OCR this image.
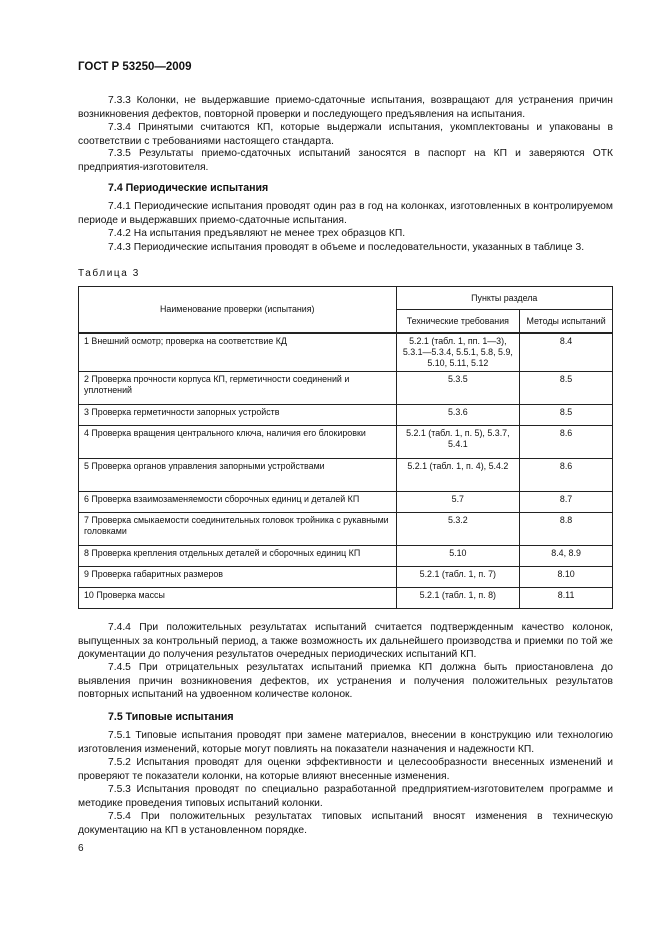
ГОСТ Р 53250—2009
7.3.3 Колонки, не выдержавшие приемо-сдаточные испытания, возвращают для устранения причин возникновения дефектов, повторной проверки и последующего предъявления на испытания.
7.3.4 Принятыми считаются КП, которые выдержали испытания, укомплектованы и упакованы в соответствии с требованиями настоящего стандарта.
7.3.5 Результаты приемо-сдаточных испытаний заносятся в паспорт на КП и заверяются ОТК предприятия-изготовителя.
7.4 Периодические испытания
7.4.1 Периодические испытания проводят один раз в год на колонках, изготовленных в контролируемом периоде и выдержавших приемо-сдаточные испытания.
7.4.2 На испытания предъявляют не менее трех образцов КП.
7.4.3 Периодические испытания проводят в объеме и последовательности, указанных в таблице 3.
Таблица 3
Наименование проверки (испытания)	Пункты раздела	
	Технические требования	Методы испытаний
1 Внешний осмотр; проверка на соответствие КД	5.2.1 (табл. 1, пп. 1—3), 5.3.1—5.3.4, 5.5.1, 5.8, 5.9, 5.10, 5.11, 5.12	8.4
2 Проверка прочности корпуса КП, герметичности соединений и уплотнений	5.3.5	8.5
3 Проверка герметичности запорных устройств	5.3.6	8.5
4 Проверка вращения центрального ключа, наличия его блокировки	5.2.1 (табл. 1, п. 5), 5.3.7, 5.4.1	8.6
5 Проверка органов управления запорными устройствами	5.2.1 (табл. 1, п. 4), 5.4.2	8.6
6 Проверка взаимозаменяемости сборочных единиц и деталей КП	5.7	8.7
7 Проверка смыкаемости соединительных головок тройника с рукавными головками	5.3.2	8.8
8 Проверка крепления отдельных деталей и сборочных единиц КП	5.10	8.4, 8.9
9 Проверка габаритных размеров	5.2.1 (табл. 1, п. 7)	8.10
10 Проверка массы	5.2.1 (табл. 1, п. 8)	8.11
7.4.4 При положительных результатах испытаний считается подтвержденным качество колонок, выпущенных за контрольный период, а также возможность их дальнейшего производства и приемки по той же документации до получения результатов очередных периодических испытаний КП.
7.4.5 При отрицательных результатах испытаний приемка КП должна быть приостановлена до выявления причин возникновения дефектов, их устранения и получения положительных результатов повторных испытаний на удвоенном количестве колонок.
7.5 Типовые испытания
7.5.1 Типовые испытания проводят при замене материалов, внесении в конструкцию или технологию изготовления изменений, которые могут повлиять на показатели назначения и надежности КП.
7.5.2 Испытания проводят для оценки эффективности и целесообразности внесенных изменений и проверяют те показатели колонки, на которые влияют внесенные изменения.
7.5.3 Испытания проводят по специально разработанной предприятием-изготовителем программе и методике проведения типовых испытаний колонки.
7.5.4 При положительных результатах типовых испытаний вносят изменения в техническую документацию на КП в установленном порядке.
6
